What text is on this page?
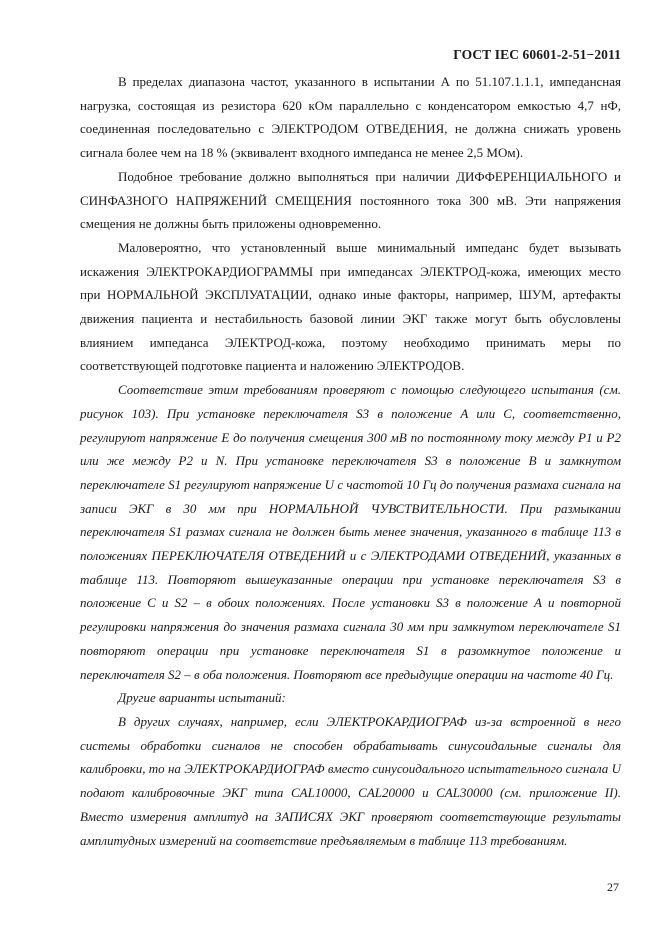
ГОСТ IEC 60601-2-51−2011

В пределах диапазона частот, указанного в испытании А по 51.107.1.1.1, импедансная нагрузка, состоящая из резистора 620 кОм параллельно с конденсатором емкостью 4,7 нФ, соединенная последовательно с ЭЛЕКТРОДОМ ОТВЕДЕНИЯ, не должна снижать уровень сигнала более чем на 18 % (эквивалент входного импеданса не менее 2,5 МОм).

Подобное требование должно выполняться при наличии ДИФФЕРЕНЦИАЛЬНОГО и СИНФАЗНОГО НАПРЯЖЕНИЙ СМЕЩЕНИЯ постоянного тока 300 мВ. Эти напряжения смещения не должны быть приложены одновременно.

Маловероятно, что установленный выше минимальный импеданс будет вызывать искажения ЭЛЕКТРОКАРДИОГРАММЫ при импедансах ЭЛЕКТРОД-кожа, имеющих место при НОРМАЛЬНОЙ ЭКСПЛУАТАЦИИ, однако иные факторы, например, ШУМ, артефакты движения пациента и нестабильность базовой линии ЭКГ также могут быть обусловлены влиянием импеданса ЭЛЕКТРОД-кожа, поэтому необходимо принимать меры по соответствующей подготовке пациента и наложению ЭЛЕКТРОДОВ.

Соответствие этим требованиям проверяют с помощью следующего испытания (см. рисунок 103). При установке переключателя S3 в положение А или С, соответственно, регулируют напряжение Е до получения смещения 300 мВ по постоянному току между Р1 и Р2 или же между Р2 и N. При установке переключателя S3 в положение В и замкнутом переключателе S1 регулируют напряжение U с частотой 10 Гц до получения размаха сигнала на записи ЭКГ в 30 мм при НОРМАЛЬНОЙ ЧУВСТВИТЕЛЬНОСТИ. При размыкании переключателя S1 размах сигнала не должен быть менее значения, указанного в таблице 113 в положениях ПЕРЕКЛЮЧАТЕЛЯ ОТВЕДЕНИЙ и с ЭЛЕКТРОДАМИ ОТВЕДЕНИЙ, указанных в таблице 113. Повторяют вышеуказанные операции при установке переключателя S3 в положение С и S2 – в обоих положениях. После установки S3 в положение А и повторной регулировки напряжения до значения размаха сигнала 30 мм при замкнутом переключателе S1 повторяют операции при установке переключателя S1 в разомкнутое положение и переключателя S2 – в оба положения. Повторяют все предыдущие операции на частоте 40 Гц.

Другие варианты испытаний:

В других случаях, например, если ЭЛЕКТРОКАРДИОГРАФ из-за встроенной в него системы обработки сигналов не способен обрабатывать синусоидальные сигналы для калибровки, то на ЭЛЕКТРОКАРДИОГРАФ вместо синусоидального испытательного сигнала U подают калибровочные ЭКГ типа CAL10000, CAL20000 и CAL30000 (см. приложение II). Вместо измерения амплитуд на ЗАПИСЯХ ЭКГ проверяют соответствующие результаты амплитудных измерений на соответствие предъявляемым в таблице 113 требованиям.

27
